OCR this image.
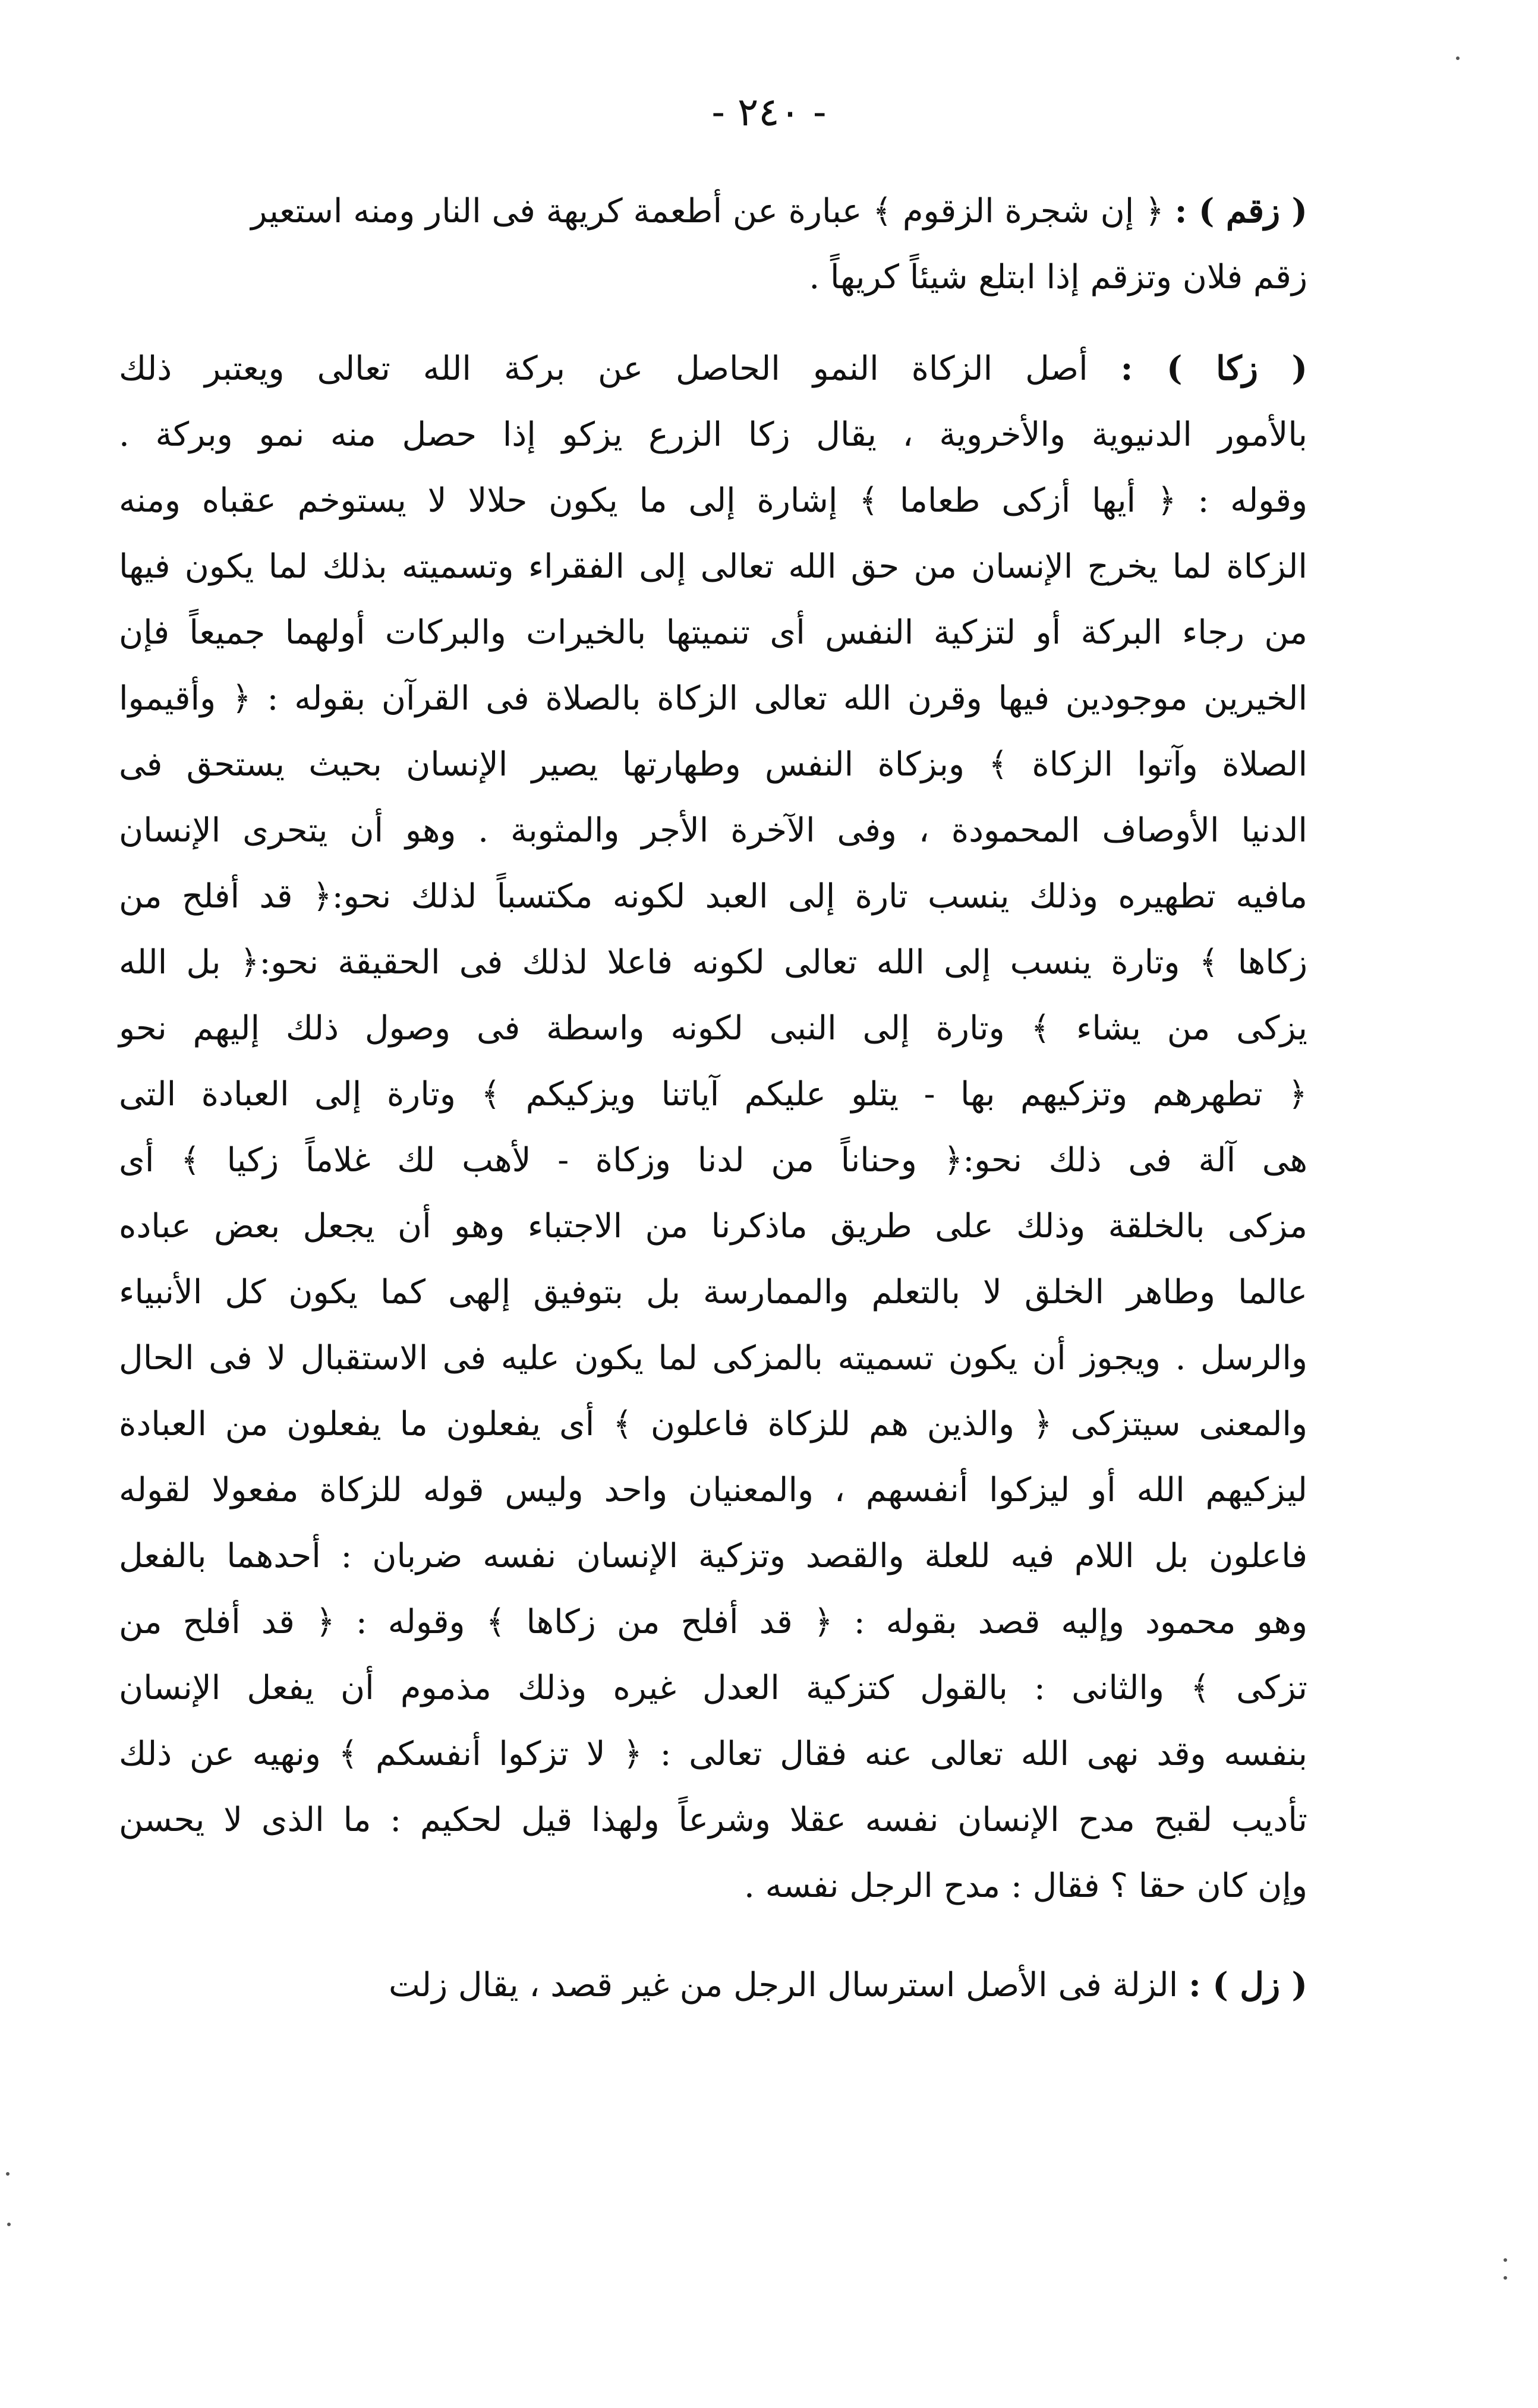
- ٢٤٠ -
( زقم ) : ﴿ إن شجرة الزقوم ﴾ عبارة عن أطعمة كريهة فى النار ومنه استعير
زقم فلان وتزقم إذا ابتلع شيئاً كريهاً .
( زكا ) : أصل الزكاة النمو الحاصل عن بركة الله تعالى ويعتبر ذلك
بالأمور الدنيوية والأخروية ، يقال زكا الزرع يزكو إذا حصل منه نمو وبركة .
وقوله : ﴿ أيها أزكى طعاما ﴾ إشارة إلى ما يكون حلالا لا يستوخم عقباه ومنه
الزكاة لما يخرج الإنسان من حق الله تعالى إلى الفقراء وتسميته بذلك لما يكون فيها
من رجاء البركة أو لتزكية النفس أى تنميتها بالخيرات والبركات أولهما جميعاً فإن
الخيرين موجودين فيها وقرن الله تعالى الزكاة بالصلاة فى القرآن بقوله : ﴿ وأقيموا
الصلاة وآتوا الزكاة ﴾ وبزكاة النفس وطهارتها يصير الإنسان بحيث يستحق فى
الدنيا الأوصاف المحمودة ، وفى الآخرة الأجر والمثوبة . وهو أن يتحرى الإنسان
مافيه تطهيره وذلك ينسب تارة إلى العبد لكونه مكتسباً لذلك نحو:﴿ قد أفلح من
زكاها ﴾ وتارة ينسب إلى الله تعالى لكونه فاعلا لذلك فى الحقيقة نحو:﴿ بل الله
يزكى من يشاء ﴾ وتارة إلى النبى لكونه واسطة فى وصول ذلك إليهم نحو
﴿ تطهرهم وتزكيهم بها - يتلو عليكم آياتنا ويزكيكم ﴾ وتارة إلى العبادة التى
هى آلة فى ذلك نحو:﴿ وحناناً من لدنا وزكاة - لأهب لك غلاماً زكيا ﴾ أى
مزكى بالخلقة وذلك على طريق ماذكرنا من الاجتباء وهو أن يجعل بعض عباده
عالما وطاهر الخلق لا بالتعلم والممارسة بل بتوفيق إلهى كما يكون كل الأنبياء
والرسل . ويجوز أن يكون تسميته بالمزكى لما يكون عليه فى الاستقبال لا فى الحال
والمعنى سيتزكى ﴿ والذين هم للزكاة فاعلون ﴾ أى يفعلون ما يفعلون من العبادة
ليزكيهم الله أو ليزكوا أنفسهم ، والمعنيان واحد وليس قوله للزكاة مفعولا لقوله
فاعلون بل اللام فيه للعلة والقصد وتزكية الإنسان نفسه ضربان : أحدهما بالفعل
وهو محمود وإليه قصد بقوله : ﴿ قد أفلح من زكاها ﴾ وقوله : ﴿ قد أفلح من
تزكى ﴾ والثانى : بالقول كتزكية العدل غيره وذلك مذموم أن يفعل الإنسان
بنفسه وقد نهى الله تعالى عنه فقال تعالى : ﴿ لا تزكوا أنفسكم ﴾ ونهيه عن ذلك
تأديب لقبح مدح الإنسان نفسه عقلا وشرعاً ولهذا قيل لحكيم : ما الذى لا يحسن
وإن كان حقا ؟ فقال : مدح الرجل نفسه .
( زل ) : الزلة فى الأصل استرسال الرجل من غير قصد ، يقال زلت
